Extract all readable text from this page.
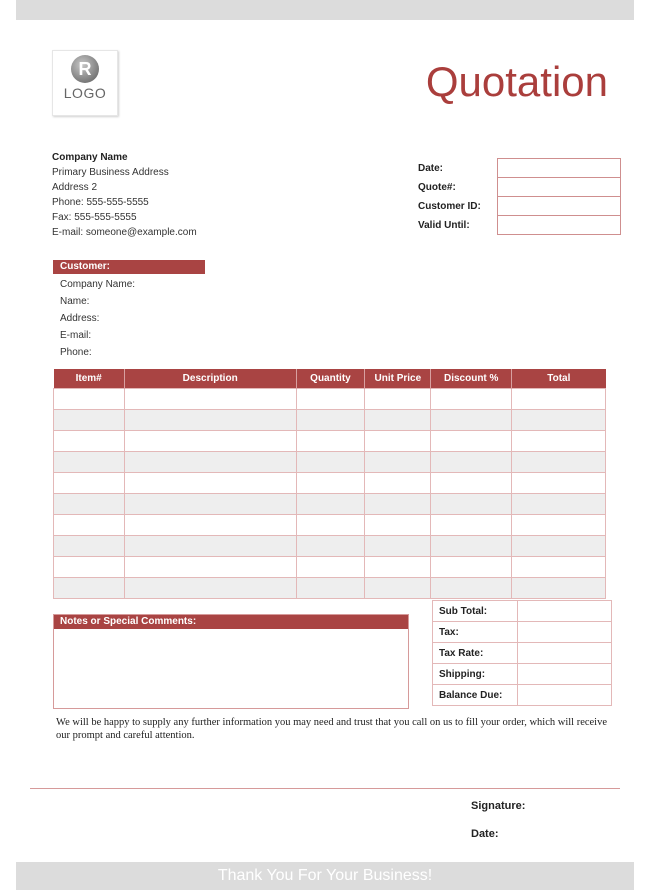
R
LOGO	Quotation
Company Name
Primary Business Address
Address 2
Phone: 555-555-5555
Fax: 555-555-5555
E-mail: someone@example.com
Date:	
Quote#:	
Customer ID:	
Valid Until:	
Customer:
Company Name:
Name:
Address:
E-mail:
Phone:
Item#	Description	Quantity	Unit Price	Discount %	Total

Notes or Special Comments:
Sub Total:	
Tax:	
Tax Rate:	
Shipping:	
Balance Due:	
We will be happy to supply any further information you may need and trust that you call on us to fill your order, which will receive our prompt and careful attention.
Signature:
Date:
Thank You For Your Business!
